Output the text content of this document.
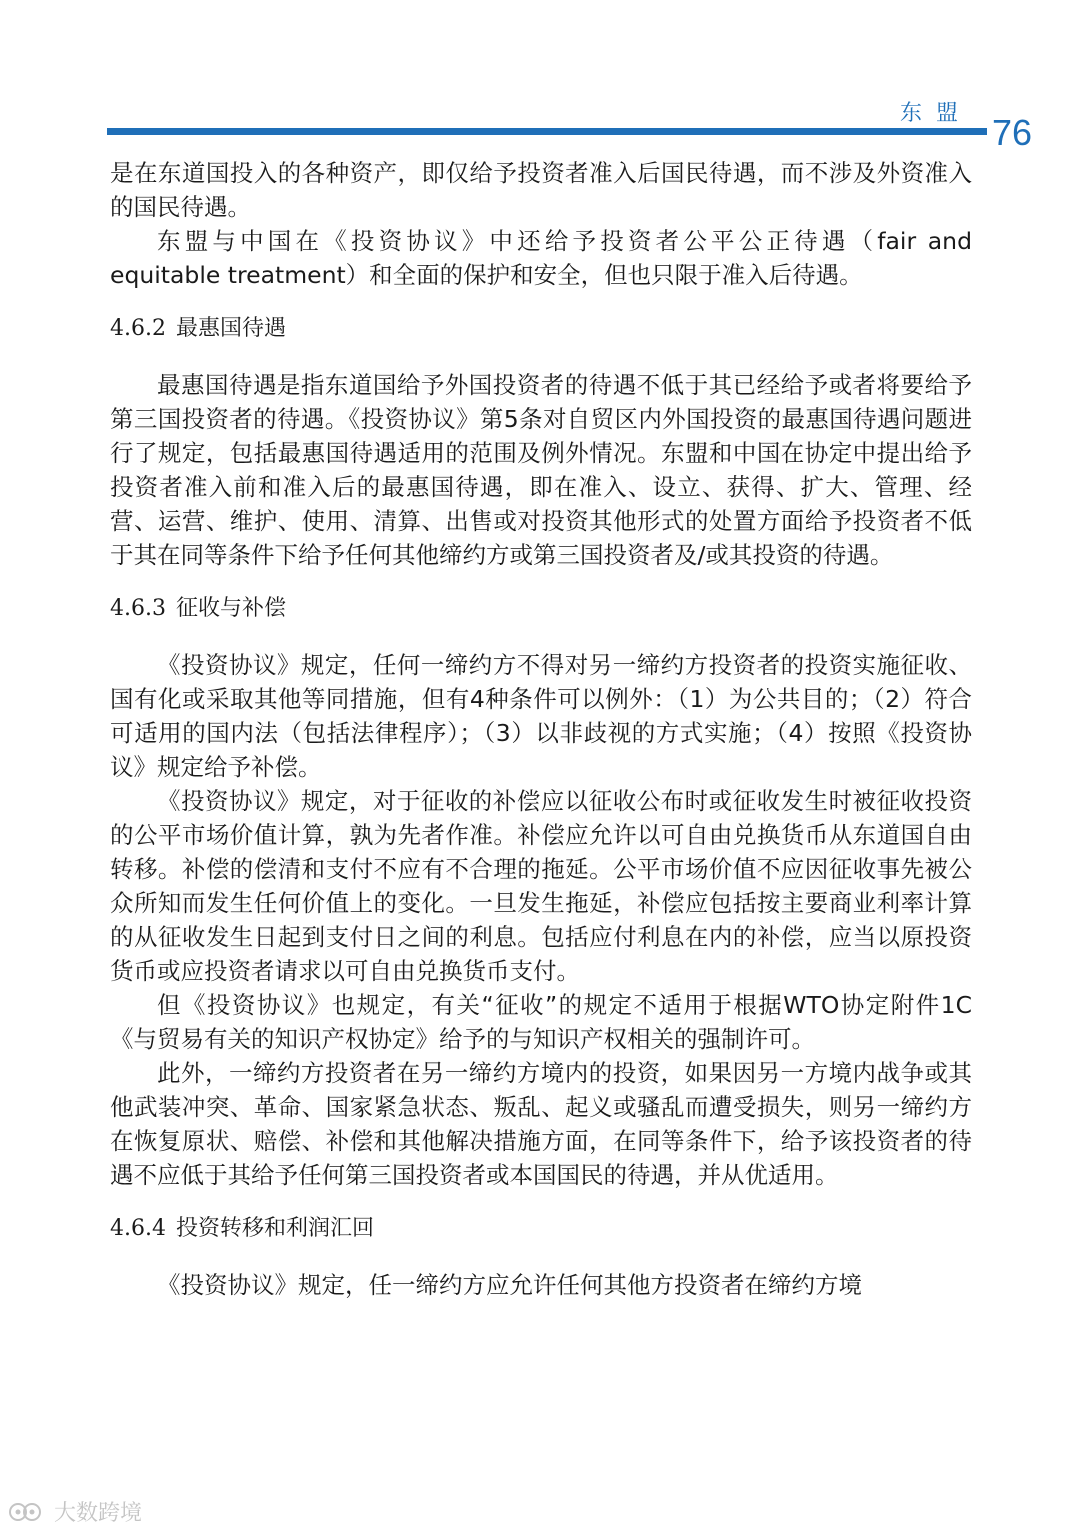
东盟 76

是在东道国投入的各种资产，即仅给予投资者准入后国民待遇，而不涉及外资准入的国民待遇。

东盟与中国在《投资协议》中还给予投资者公平公正待遇（fair and equitable treatment）和全面的保护和安全，但也只限于准入后待遇。

4.6.2 最惠国待遇

最惠国待遇是指东道国给予外国投资者的待遇不低于其已经给予或者将要给予第三国投资者的待遇。《投资协议》第5条对自贸区内外国投资的最惠国待遇问题进行了规定，包括最惠国待遇适用的范围及例外情况。东盟和中国在协定中提出给予投资者准入前和准入后的最惠国待遇，即在准入、设立、获得、扩大、管理、经营、运营、维护、使用、清算、出售或对投资其他形式的处置方面给予投资者不低于其在同等条件下给予任何其他缔约方或第三国投资者及/或其投资的待遇。

4.6.3 征收与补偿

《投资协议》规定，任何一缔约方不得对另一缔约方投资者的投资实施征收、国有化或采取其他等同措施，但有4种条件可以例外：（1）为公共目的；（2）符合可适用的国内法（包括法律程序）；（3）以非歧视的方式实施；（4）按照《投资协议》规定给予补偿。

《投资协议》规定，对于征收的补偿应以征收公布时或征收发生时被征收投资的公平市场价值计算，孰为先者作准。补偿应允许以可自由兑换货币从东道国自由转移。补偿的偿清和支付不应有不合理的拖延。公平市场价值不应因征收事先被公众所知而发生任何价值上的变化。一旦发生拖延，补偿应包括按主要商业利率计算的从征收发生日起到支付日之间的利息。包括应付利息在内的补偿，应当以原投资货币或应投资者请求以可自由兑换货币支付。

但《投资协议》也规定，有关“征收”的规定不适用于根据WTO协定附件1C《与贸易有关的知识产权协定》给予的与知识产权相关的强制许可。

此外，一缔约方投资者在另一缔约方境内的投资，如果因另一方境内战争或其他武装冲突、革命、国家紧急状态、叛乱、起义或骚乱而遭受损失，则另一缔约方在恢复原状、赔偿、补偿和其他解决措施方面，在同等条件下，给予该投资者的待遇不应低于其给予任何第三国投资者或本国国民的待遇，并从优适用。

4.6.4 投资转移和利润汇回

《投资协议》规定，任一缔约方应允许任何其他方投资者在缔约方境

大数跨境
